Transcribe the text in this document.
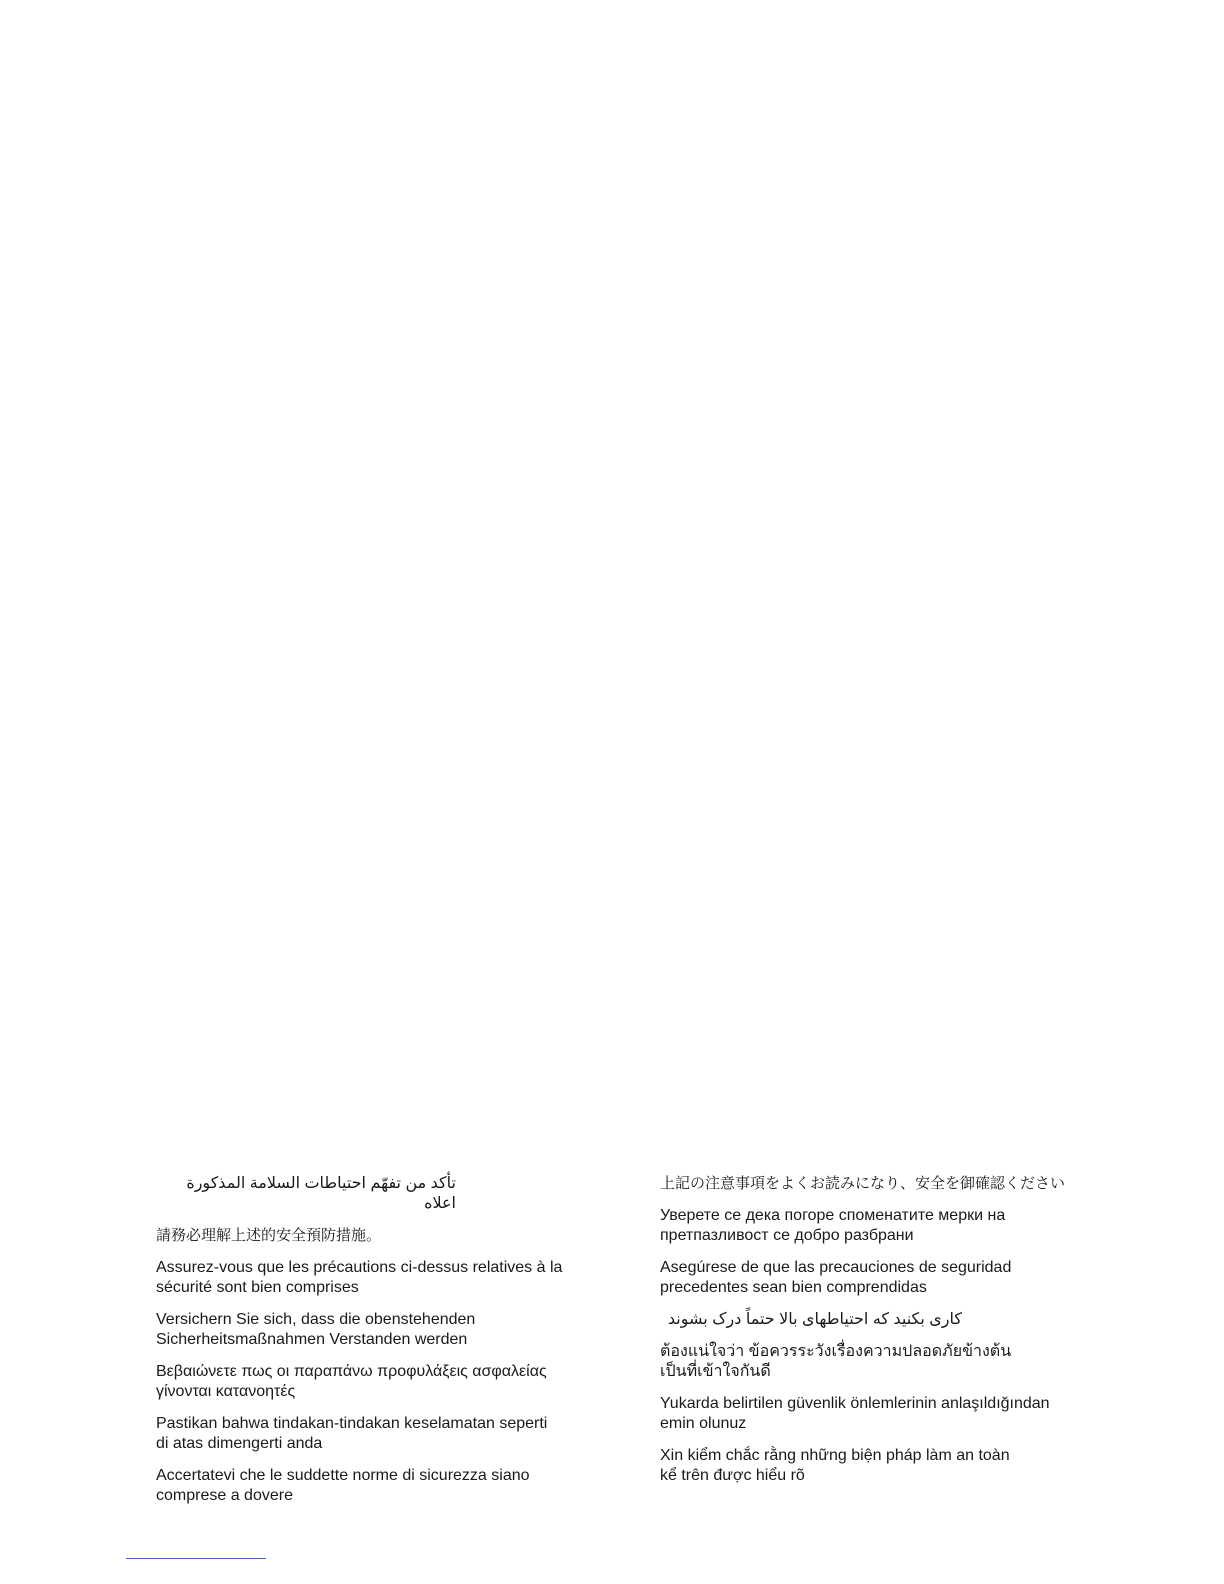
تأكد من تفهّم احتياطات السلامة المذكورة اعلاه

請務必理解上述的安全預防措施。

Assurez-vous que les précautions ci-dessus relatives à la
sécurité sont bien comprises

Versichern Sie sich, dass die obenstehenden
Sicherheitsmaßnahmen Verstanden werden

Βεβαιώνετε πως οι παραπάνω προφυλάξεις ασφαλείας
γίνονται κατανοητές

Pastikan bahwa tindakan-tindakan keselamatan seperti
di atas dimengerti anda

Accertatevi che le suddette norme di sicurezza siano
comprese a dovere

上記の注意事項をよくお読みになり、安全を御確認ください

Уверете се дека погоре споменатите мерки на
претпазливост се добро разбрани

Asegúrese de que las precauciones de seguridad
precedentes sean bien comprendidas

کاری بکنید که احتیاطهای بالا حتماً درک بشوند

ต้องแน่ใจว่า ข้อควรระวังเรื่องความปลอดภัยข้างต้น
เป็นที่เข้าใจกันดี

Yukarda belirtilen güvenlik önlemlerinin anlaşıldığından
emin olunuz

Xin kiểm chắc rằng những biện pháp làm an toàn
kể trên được hiểu rõ
